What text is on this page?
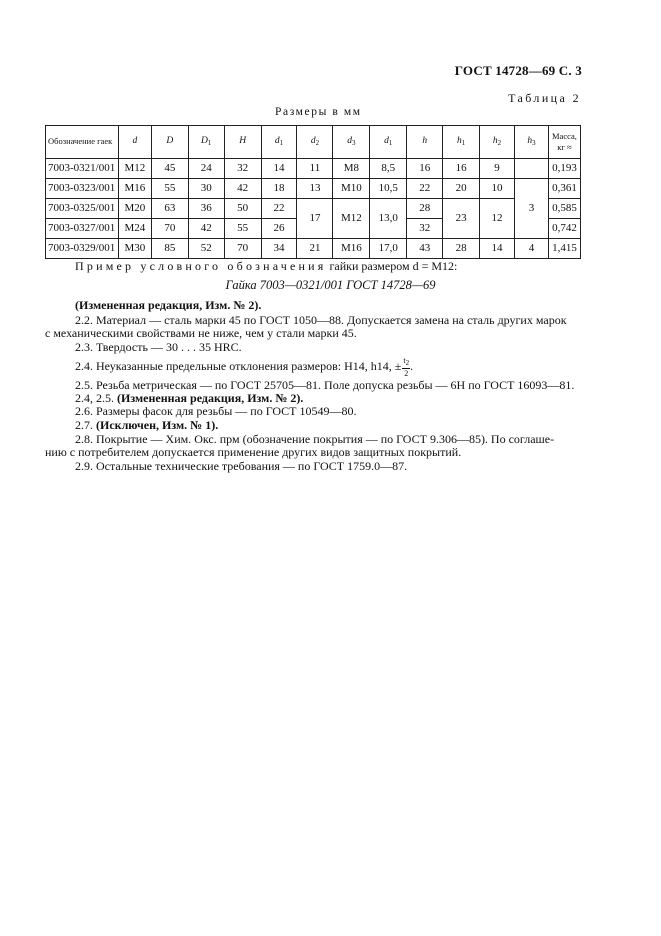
ГОСТ 14728—69 С. 3
Таблица 2
Размеры в мм
Обозначение гаек	d	D	$D_1$	H	$d_1$	$d_2$	$d_3$	$d_1$	h	$h_1$	$h_2$	$h_3$	Масса, кг ≈
7003-0321/001	M12	45	24	32	14	11	M8	8,5	16	16	9		0,193
7003-0323/001	M16	55	30	42	18	13	M10	10,5	22	20	10	3	0,361
7003-0325/001	M20	63	36	50	22	17	M12	13,0	28	23	12		0,585
7003-0327/001	M24	70	42	55	26				32				0,742
7003-0329/001	M30	85	52	70	34	21	M16	17,0	43	28	14	4	1,415
Пример условного обозначения гайки размером d = M12:
Гайка 7003—0321/001 ГОСТ 14728—69
(Измененная редакция, Изм. № 2).
2.2. Материал — сталь марки 45 по ГОСТ 1050—88. Допускается замена на сталь других марок
с механическими свойствами не ниже, чем у стали марки 45.
2.3. Твердость — 30 . . . 35 HRC.
2.4. Неуказанные предельные отклонения размеров: H14, h14, ± $\frac{t2}{2}$ .
2.5. Резьба метрическая — по ГОСТ 25705—81. Поле допуска резьбы — 6H по ГОСТ 16093—81.
2.4, 2.5. (Измененная редакция, Изм. № 2).
2.6. Размеры фасок для резьбы — по ГОСТ 10549—80.
2.7. (Исключен, Изм. № 1).
2.8. Покрытие — Хим. Окс. прм (обозначение покрытия — по ГОСТ 9.306—85). По соглаше-
нию с потребителем допускается применение других видов защитных покрытий.
2.9. Остальные технические требования — по ГОСТ 1759.0—87.
